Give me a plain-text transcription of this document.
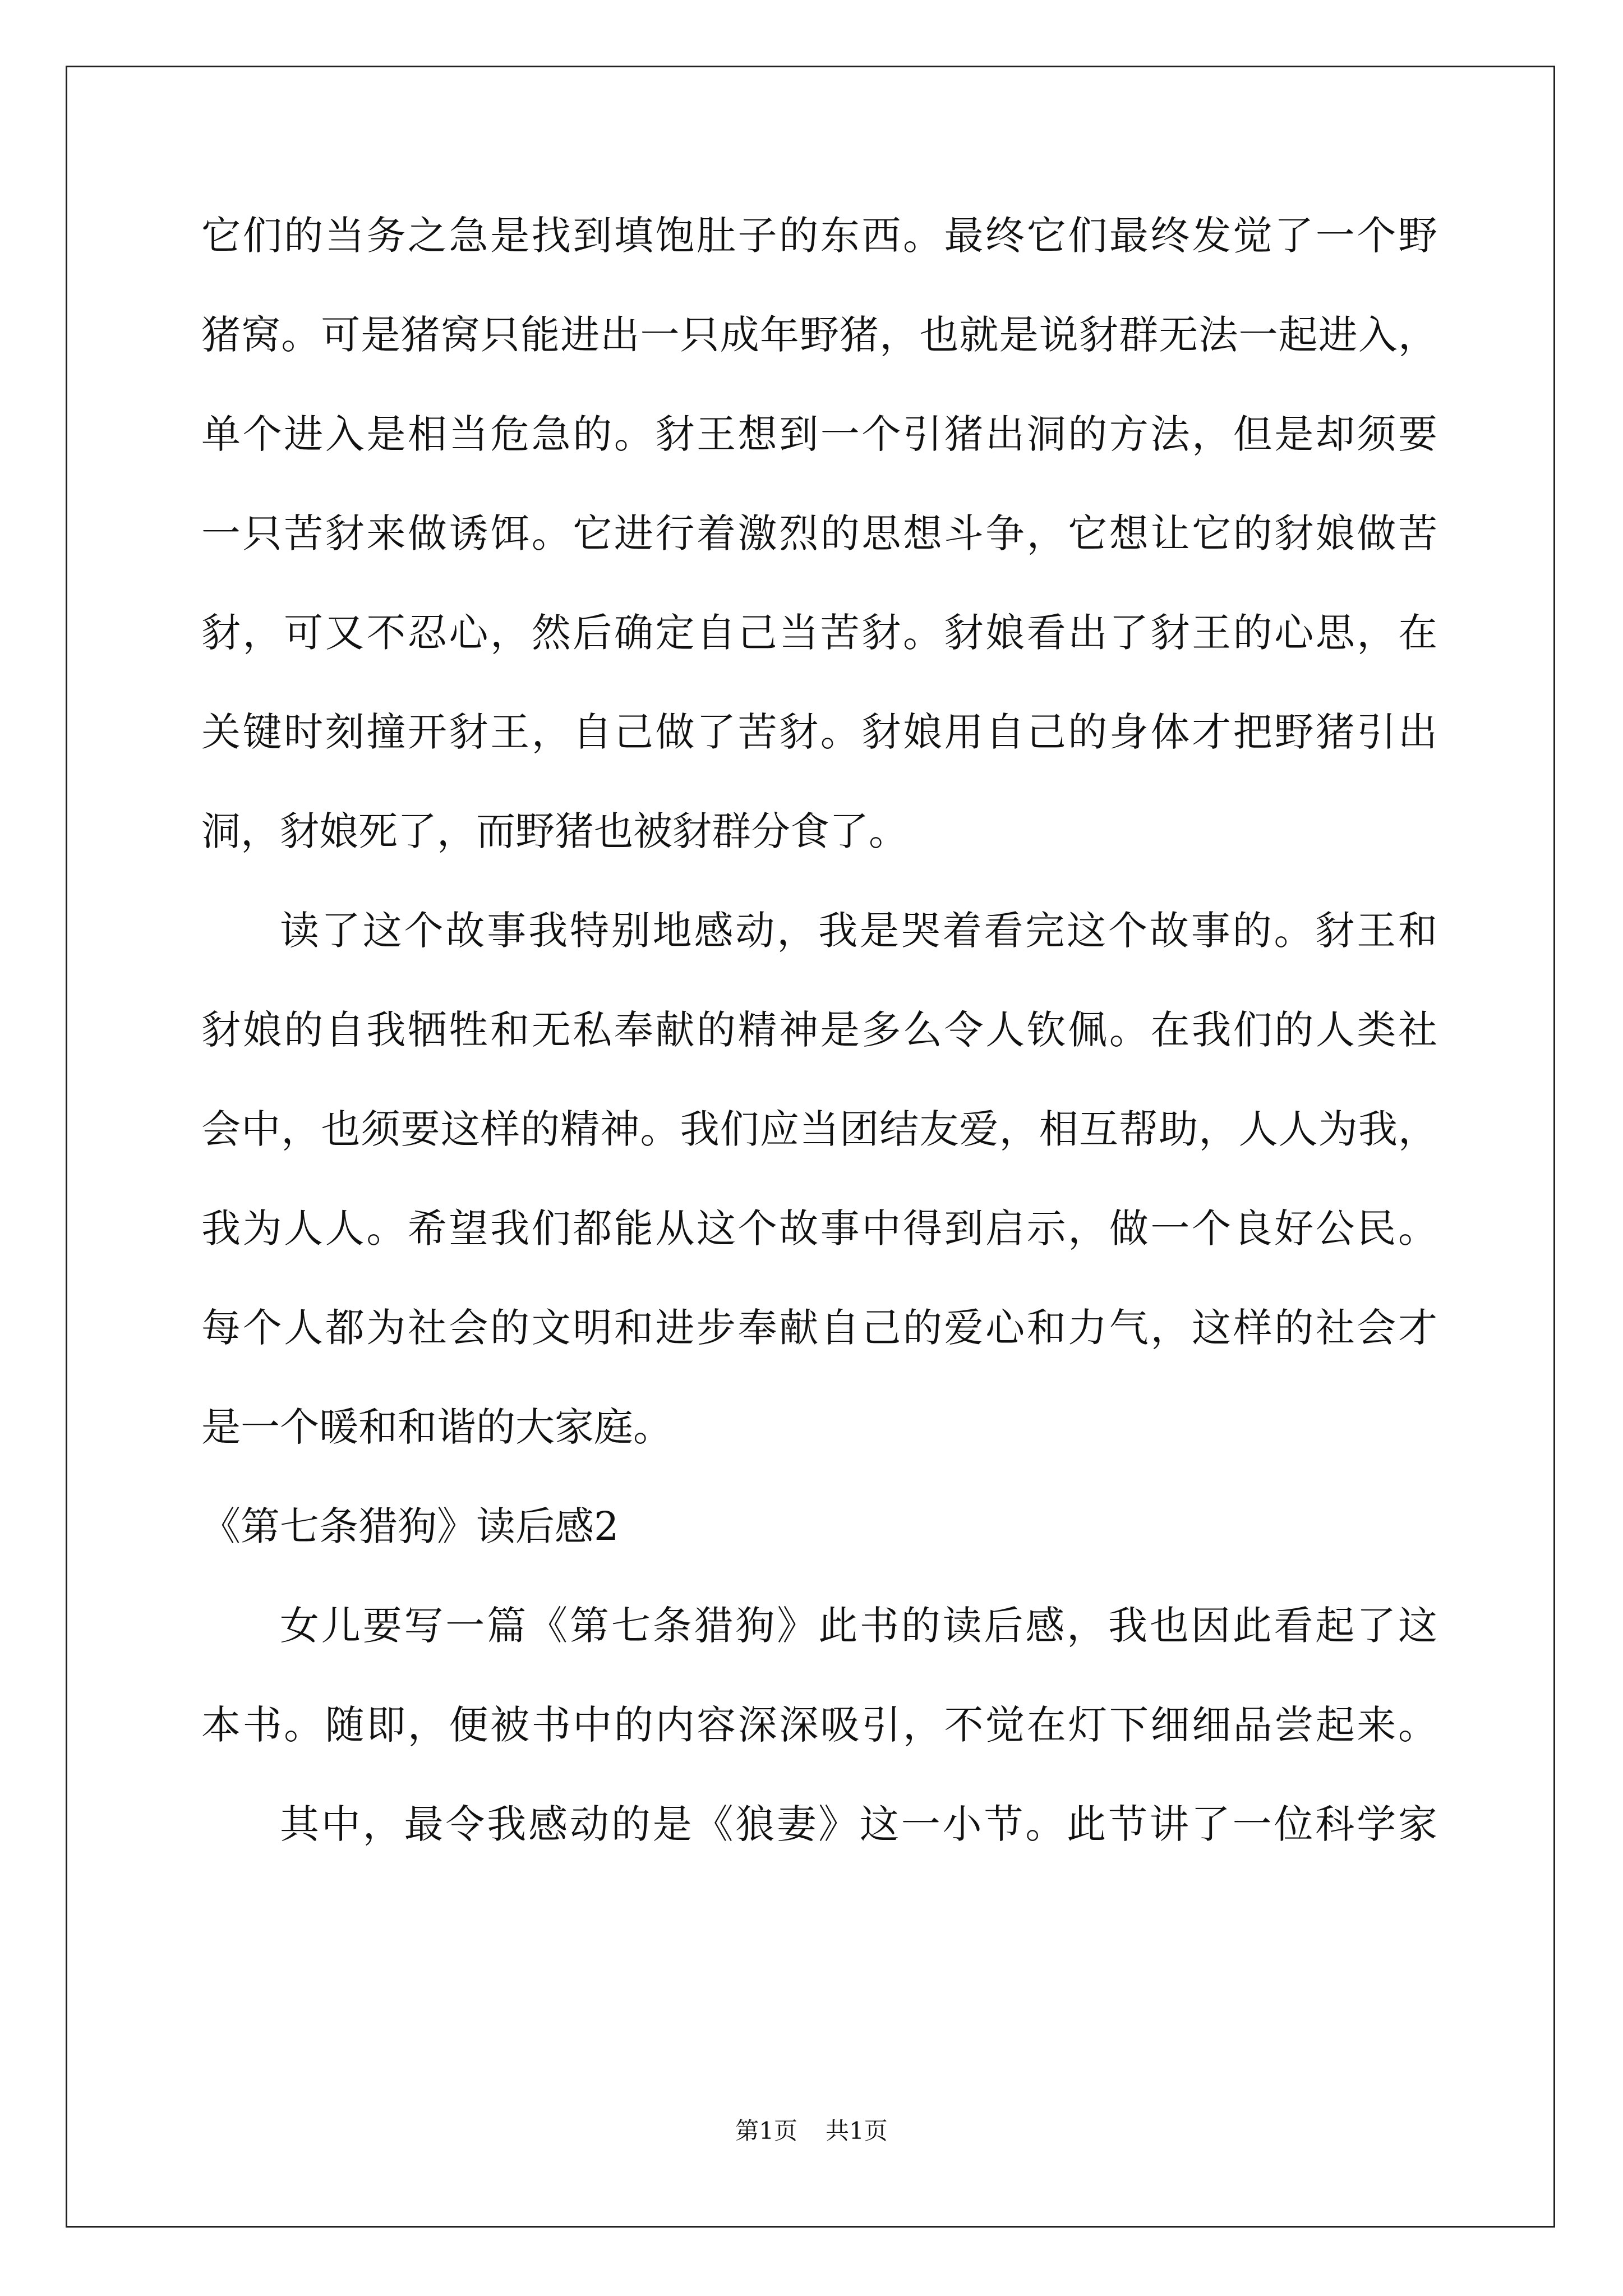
它们的当务之急是找到填饱肚子的东西。最终它们最终发觉了一个野
猪窝。可是猪窝只能进出一只成年野猪，也就是说豺群无法一起进入，
单个进入是相当危急的。豺王想到一个引猪出洞的方法，但是却须要
一只苦豺来做诱饵。它进行着激烈的思想斗争，它想让它的豺娘做苦
豺，可又不忍心，然后确定自己当苦豺。豺娘看出了豺王的心思，在
关键时刻撞开豺王，自己做了苦豺。豺娘用自己的身体才把野猪引出
洞，豺娘死了，而野猪也被豺群分食了。
读了这个故事我特别地感动，我是哭着看完这个故事的。豺王和
豺娘的自我牺牲和无私奉献的精神是多么令人钦佩。在我们的人类社
会中，也须要这样的精神。我们应当团结友爱，相互帮助，人人为我，
我为人人。希望我们都能从这个故事中得到启示，做一个良好公民。
每个人都为社会的文明和进步奉献自己的爱心和力气，这样的社会才
是一个暖和和谐的大家庭。
《第七条猎狗》读后感2
女儿要写一篇《第七条猎狗》此书的读后感，我也因此看起了这
本书。随即，便被书中的内容深深吸引，不觉在灯下细细品尝起来。
其中，最令我感动的是《狼妻》这一小节。此节讲了一位科学家
第1页 共1页
